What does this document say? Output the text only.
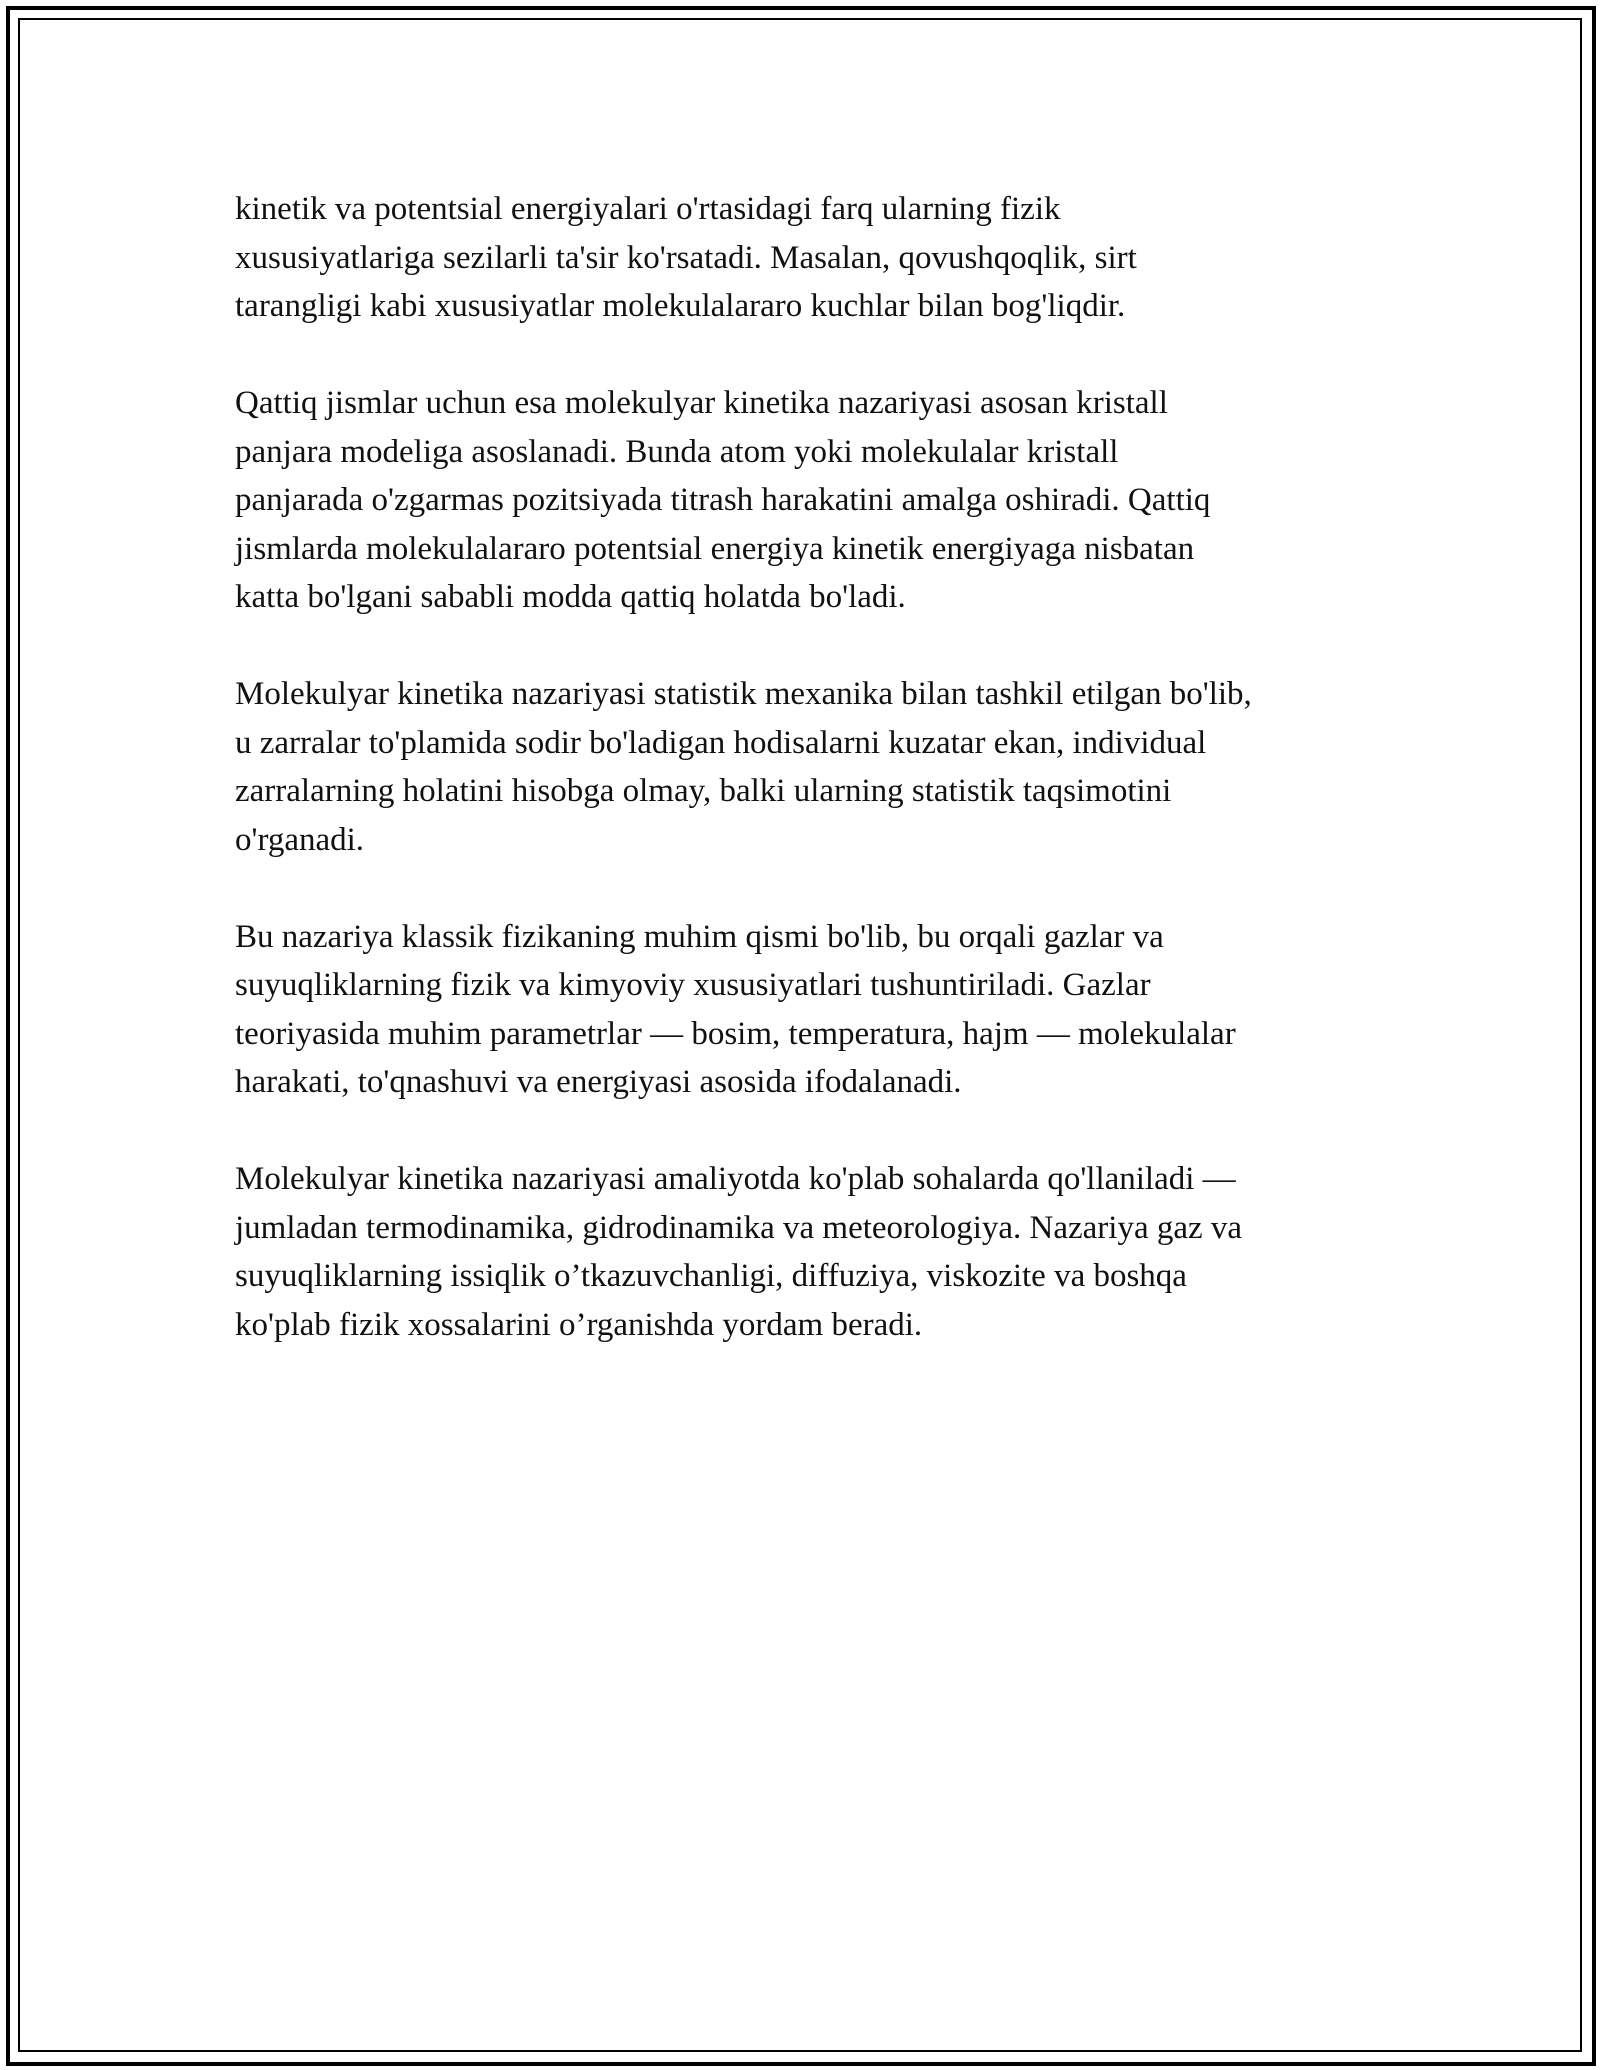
kinetik va potentsial energiyalari o'rtasidagi farq ularning fizik
xususiyatlariga sezilarli ta'sir ko'rsatadi. Masalan, qovushqoqlik, sirt
tarangligi kabi xususiyatlar molekulalararo kuchlar bilan bog'liqdir.

Qattiq jismlar uchun esa molekulyar kinetika nazariyasi asosan kristall
panjara modeliga asoslanadi. Bunda atom yoki molekulalar kristall
panjarada o'zgarmas pozitsiyada titrash harakatini amalga oshiradi. Qattiq
jismlarda molekulalararo potentsial energiya kinetik energiyaga nisbatan
katta bo'lgani sababli modda qattiq holatda bo'ladi.

Molekulyar kinetika nazariyasi statistik mexanika bilan tashkil etilgan bo'lib,
u zarralar to'plamida sodir bo'ladigan hodisalarni kuzatar ekan, individual
zarralarning holatini hisobga olmay, balki ularning statistik taqsimotini
o'rganadi.

Bu nazariya klassik fizikaning muhim qismi bo'lib, bu orqali gazlar va
suyuqliklarning fizik va kimyoviy xususiyatlari tushuntiriladi. Gazlar
teoriyasida muhim parametrlar — bosim, temperatura, hajm — molekulalar
harakati, to'qnashuvi va energiyasi asosida ifodalanadi.

Molekulyar kinetika nazariyasi amaliyotda ko'plab sohalarda qo'llaniladi —
jumladan termodinamika, gidrodinamika va meteorologiya. Nazariya gaz va
suyuqliklarning issiqlik o’tkazuvchanligi, diffuziya, viskozite va boshqa
ko'plab fizik xossalarini o’rganishda yordam beradi.
